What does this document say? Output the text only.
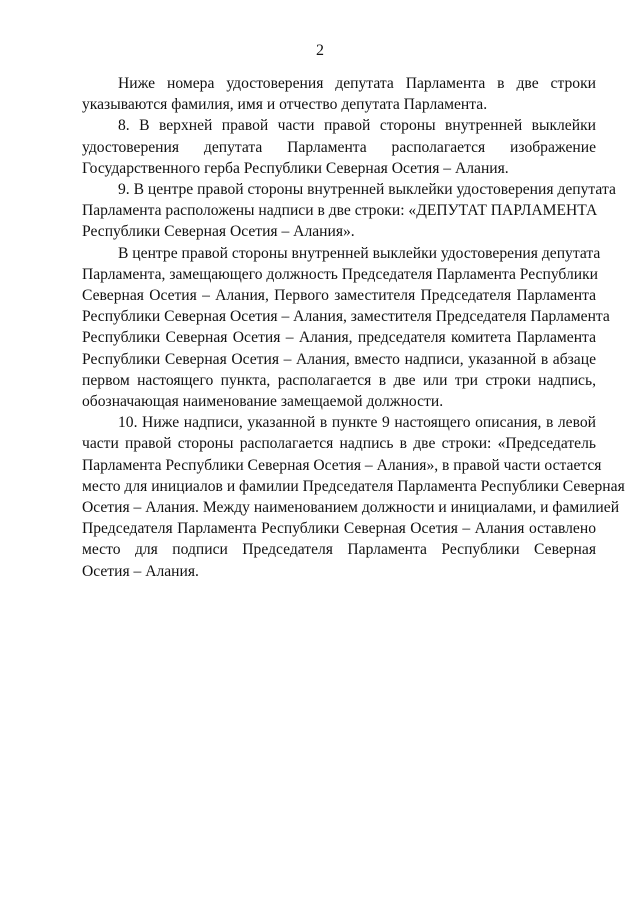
2
Ниже номера удостоверения депутата Парламента в две строки
указываются фамилия, имя и отчество депутата Парламента.
8. В верхней правой части правой стороны внутренней выклейки
удостоверения депутата Парламента располагается изображение
Государственного герба Республики Северная Осетия – Алания.
9. В центре правой стороны внутренней выклейки удостоверения депутата
Парламента расположены надписи в две строки: «ДЕПУТАТ ПАРЛАМЕНТА
Республики Северная Осетия – Алания».
В центре правой стороны внутренней выклейки удостоверения депутата
Парламента, замещающего должность Председателя Парламента Республики
Северная Осетия – Алания, Первого заместителя Председателя Парламента
Республики Северная Осетия – Алания, заместителя Председателя Парламента
Республики Северная Осетия – Алания, председателя комитета Парламента
Республики Северная Осетия – Алания, вместо надписи, указанной в абзаце
первом настоящего пункта, располагается в две или три строки надпись,
обозначающая наименование замещаемой должности.
10. Ниже надписи, указанной в пункте 9 настоящего описания, в левой
части правой стороны располагается надпись в две строки: «Председатель
Парламента Республики Северная Осетия – Алания», в правой части остается
место для инициалов и фамилии Председателя Парламента Республики Северная
Осетия – Алания. Между наименованием должности и инициалами, и фамилией
Председателя Парламента Республики Северная Осетия – Алания оставлено
место для подписи Председателя Парламента Республики Северная
Осетия – Алания.
